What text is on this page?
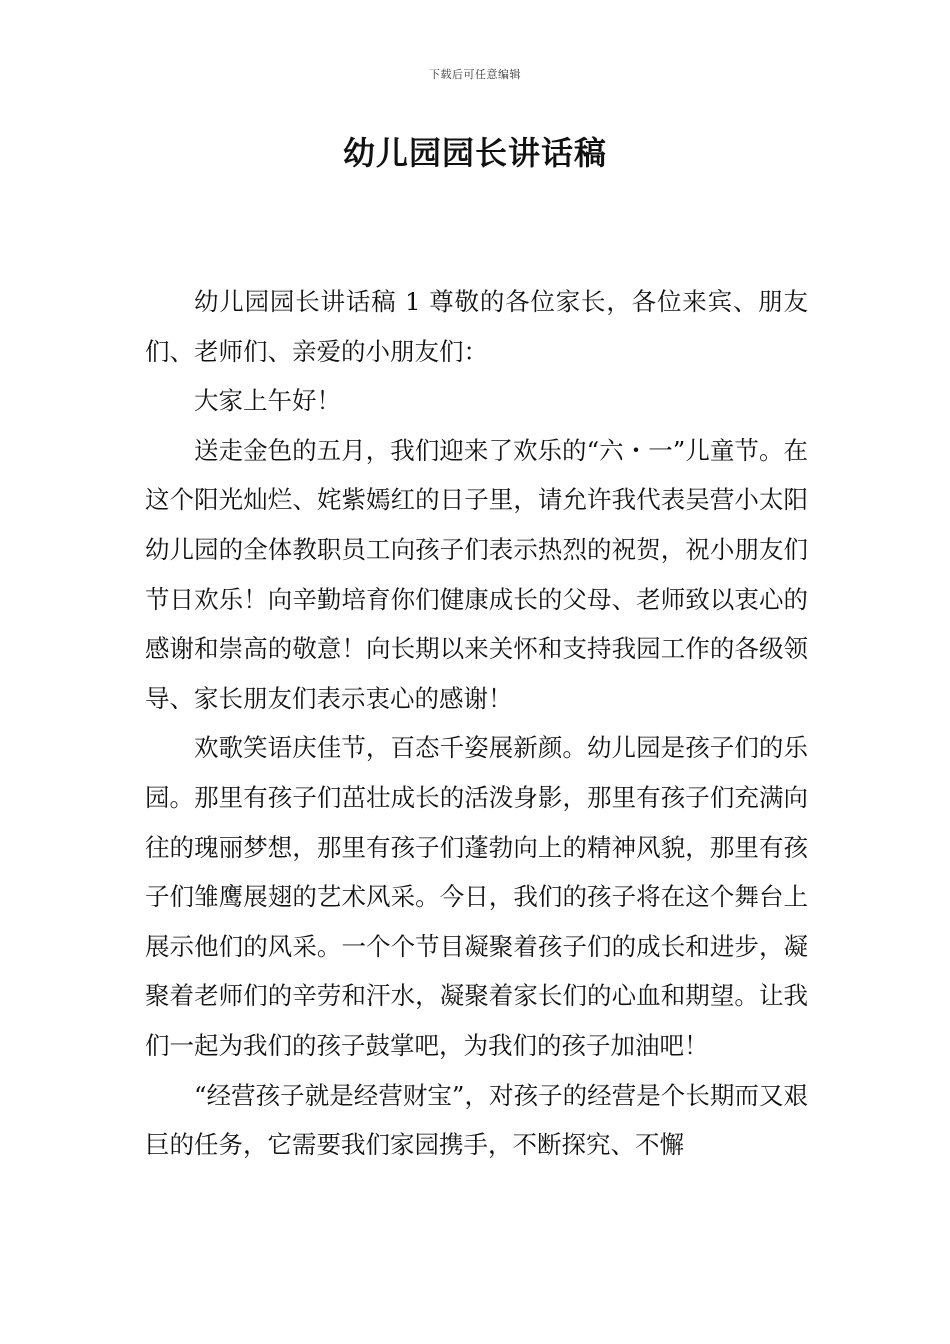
下载后可任意编辑
幼儿园园长讲话稿

幼儿园园长讲话稿 1 尊敬的各位家长，各位来宾、朋友们、老师们、亲爱的小朋友们：

大家上午好！

送走金色的五月，我们迎来了欢乐的“六・一”儿童节。在这个阳光灿烂、姹紫嫣红的日子里，请允许我代表吴营小太阳幼儿园的全体教职员工向孩子们表示热烈的祝贺，祝小朋友们节日欢乐！向辛勤培育你们健康成长的父母、老师致以衷心的感谢和崇高的敬意！向长期以来关怀和支持我园工作的各级领导、家长朋友们表示衷心的感谢！

欢歌笑语庆佳节，百态千姿展新颜。幼儿园是孩子们的乐园。那里有孩子们茁壮成长的活泼身影，那里有孩子们充满向往的瑰丽梦想，那里有孩子们蓬勃向上的精神风貌，那里有孩子们雏鹰展翅的艺术风采。今日，我们的孩子将在这个舞台上展示他们的风采。一个个节目凝聚着孩子们的成长和进步，凝聚着老师们的辛劳和汗水，凝聚着家长们的心血和期望。让我们一起为我们的孩子鼓掌吧，为我们的孩子加油吧！

“经营孩子就是经营财宝”，对孩子的经营是个长期而又艰巨的任务，它需要我们家园携手，不断探究、不懈
